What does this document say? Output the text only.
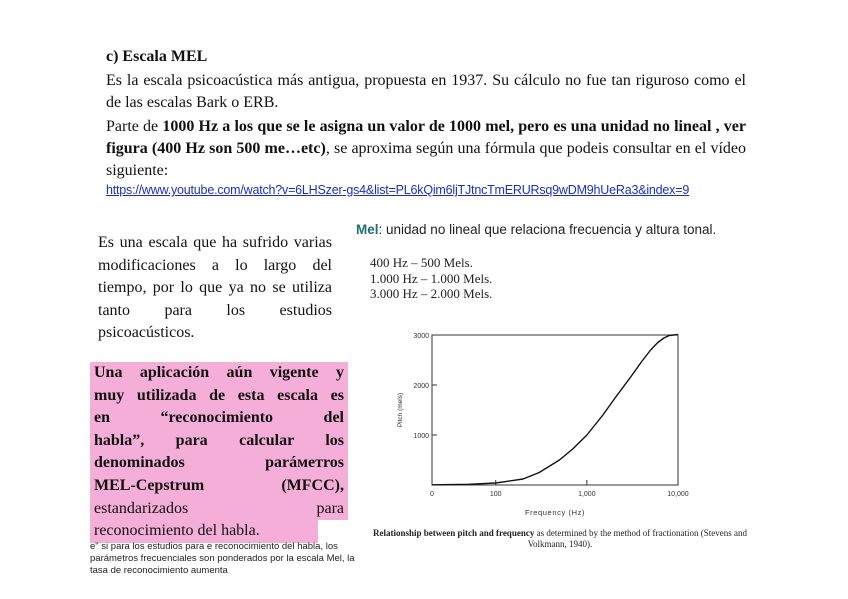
c) Escala MEL
Es la escala psicoacústica más antigua, propuesta en 1937. Su cálculo no fue tan riguroso como el de las escalas Bark o ERB.
Parte de 1000 Hz a los que se le asigna un valor de 1000 mel, pero es una unidad no lineal , ver figura (400 Hz son 500 me…etc), se aproxima según una fórmula que podeis consultar en el vídeo siguiente:
https://www.youtube.com/watch?v=6LHSzer-gs4&list=PL6kQim6ljTJtncTmERURsq9wDM9hUeRa3&index=9
Es una escala que ha sufrido varias modificaciones a lo largo del tiempo, por lo que ya no se utiliza tanto para los estudios psicoacústicos.
Una aplicación aún vigente y
muy utilizada de esta escala es
en “reconocimiento del
habla”, para calcular los
denominados paráметros
MEL-Cepstrum (MFCC),
estandarizados para
reconocimiento del habla.
e" si para los estudios para e reconocimiento del habla, los parámetros frecuenciales son ponderados por la escala Mel, la tasa de reconocimiento aumenta
Mel: unidad no lineal que relaciona frecuencia y altura tonal.
400 Hz – 500 Mels.
1.000 Hz – 1.000 Mels.
3.000 Hz – 2.000 Mels.
1000
2000
3000
0	100	1,000	10,000
Frequency (Hz)
Pitch (mels)
Relationship between pitch and frequency as determined by the method of fractionation (Stevens and Volkmann, 1940).
